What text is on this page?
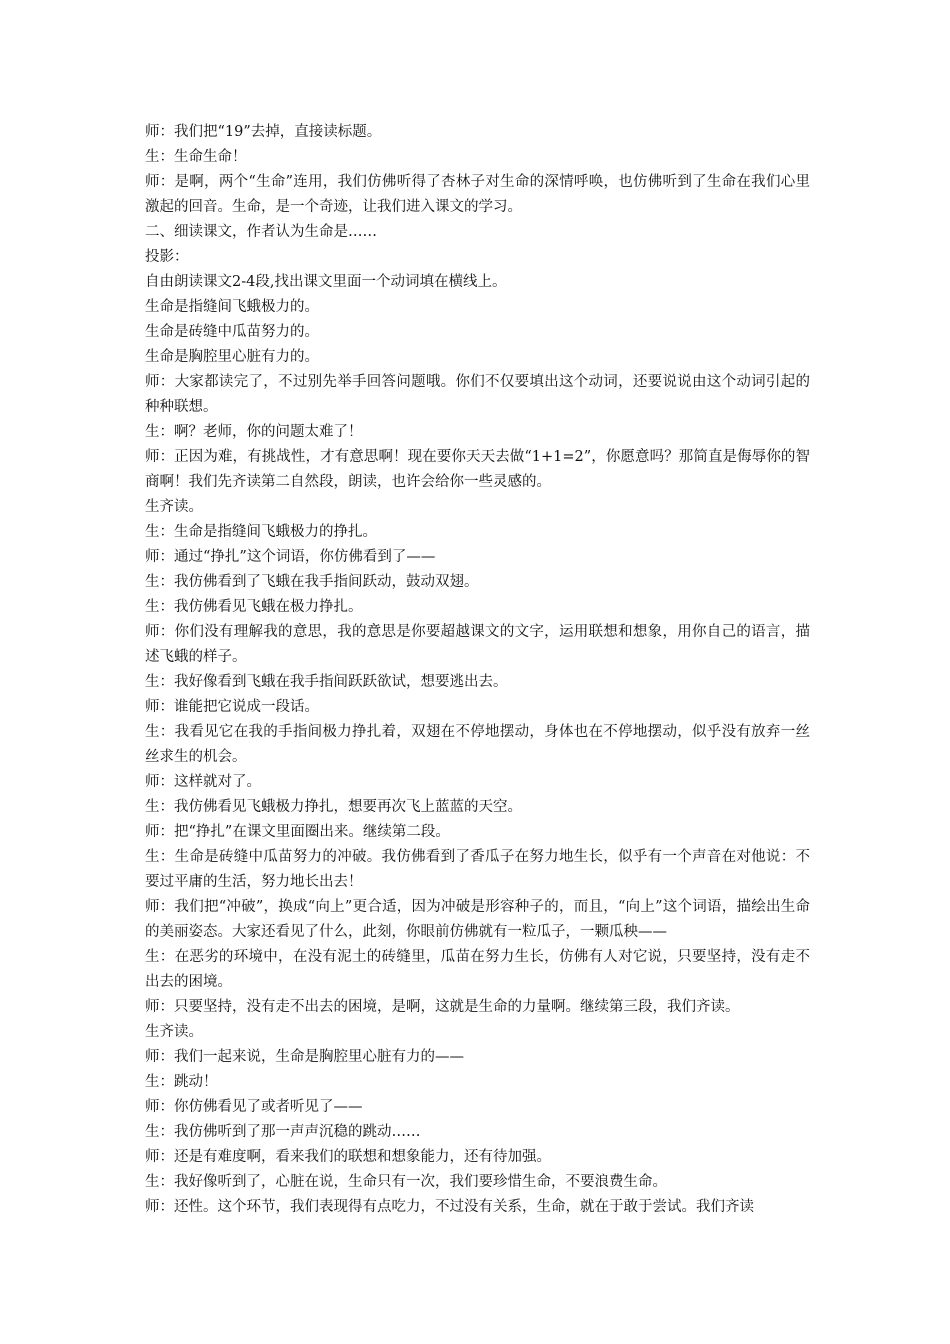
师：我们把“19”去掉，直接读标题。

生：生命生命！

师：是啊，两个“生命”连用，我们仿佛听得了杏林子对生命的深情呼唤，也仿佛听到了生命在我们心里激起的回音。生命，是一个奇迹，让我们进入课文的学习。

二、细读课文，作者认为生命是……

投影：

自由朗读课文2-4段,找出课文里面一个动词填在横线上。

生命是指缝间飞蛾极力的。

生命是砖缝中瓜苗努力的。

生命是胸腔里心脏有力的。

师：大家都读完了，不过别先举手回答问题哦。你们不仅要填出这个动词，还要说说由这个动词引起的种种联想。

生：啊？老师，你的问题太难了！

师：正因为难，有挑战性，才有意思啊！现在要你天天去做“1+1=2”，你愿意吗？那简直是侮辱你的智商啊！我们先齐读第二自然段，朗读，也许会给你一些灵感的。

生齐读。

生：生命是指缝间飞蛾极力的挣扎。

师：通过“挣扎”这个词语，你仿佛看到了——

生：我仿佛看到了飞蛾在我手指间跃动，鼓动双翅。

生：我仿佛看见飞蛾在极力挣扎。

师：你们没有理解我的意思，我的意思是你要超越课文的文字，运用联想和想象，用你自己的语言，描述飞蛾的样子。

生：我好像看到飞蛾在我手指间跃跃欲试，想要逃出去。

师：谁能把它说成一段话。

生：我看见它在我的手指间极力挣扎着，双翅在不停地摆动，身体也在不停地摆动，似乎没有放弃一丝丝求生的机会。

师：这样就对了。

生：我仿佛看见飞蛾极力挣扎，想要再次飞上蓝蓝的天空。

师：把“挣扎”在课文里面圈出来。继续第二段。

生：生命是砖缝中瓜苗努力的冲破。我仿佛看到了香瓜子在努力地生长，似乎有一个声音在对他说：不要过平庸的生活，努力地长出去！

师：我们把“冲破”，换成“向上”更合适，因为冲破是形容种子的，而且，“向上”这个词语，描绘出生命的美丽姿态。大家还看见了什么，此刻，你眼前仿佛就有一粒瓜子，一颗瓜秧——

生：在恶劣的环境中，在没有泥土的砖缝里，瓜苗在努力生长，仿佛有人对它说，只要坚持，没有走不出去的困境。

师：只要坚持，没有走不出去的困境，是啊，这就是生命的力量啊。继续第三段，我们齐读。

生齐读。

师：我们一起来说，生命是胸腔里心脏有力的——

生：跳动！

师：你仿佛看见了或者听见了——

生：我仿佛听到了那一声声沉稳的跳动……

师：还是有难度啊，看来我们的联想和想象能力，还有待加强。

生：我好像听到了，心脏在说，生命只有一次，我们要珍惜生命，不要浪费生命。

师：还性。这个环节，我们表现得有点吃力，不过没有关系，生命，就在于敢于尝试。我们齐读
